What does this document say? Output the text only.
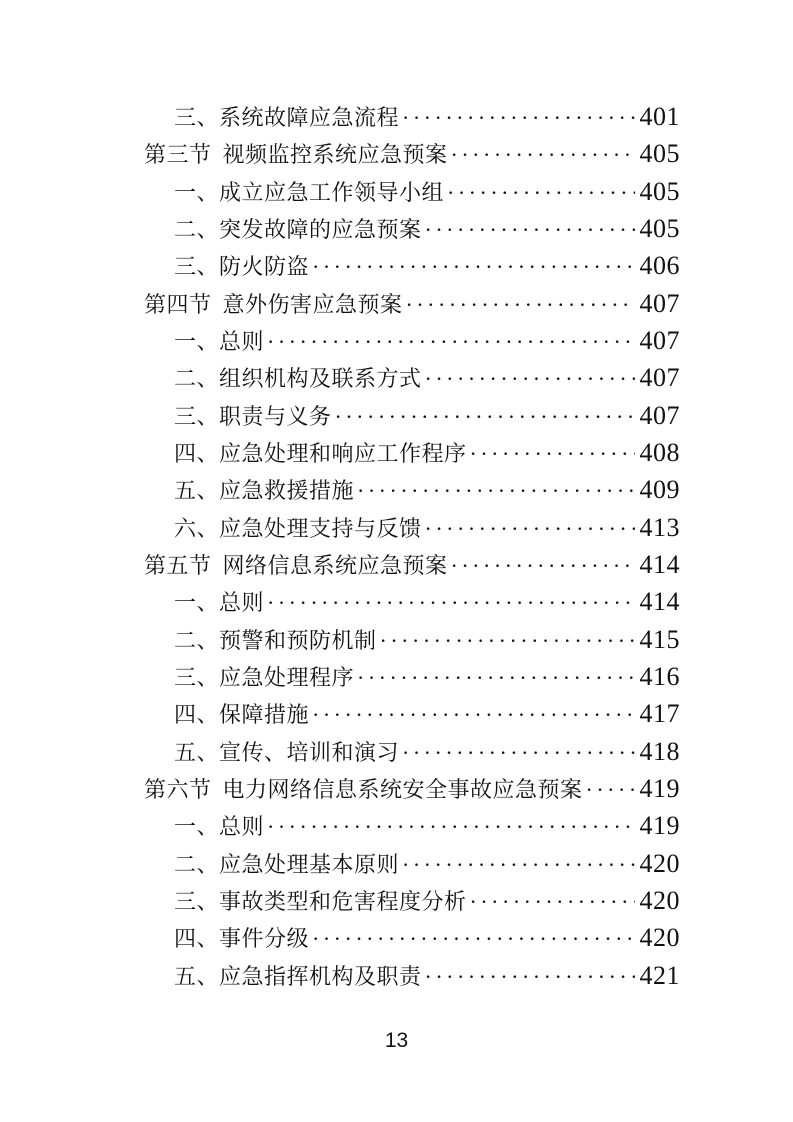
三、 系统故障应急流程 ·····	401
第三节 视频监控系统应急预案 ·····	405
一、 成立应急工作领导小组 ·····	405
二、 突发故障的应急预案 ·····	405
三、 防火防盗 ·····	406
第四节 意外伤害应急预案 ·····	407
一、 总则 ·····	407
二、 组织机构及联系方式 ·····	407
三、 职责与义务 ·····	407
四、 应急处理和响应工作程序 ·····	408
五、 应急救援措施 ·····	409
六、 应急处理支持与反馈 ·····	413
第五节 网络信息系统应急预案 ·····	414
一、 总则 ·····	414
二、 预警和预防机制 ·····	415
三、 应急处理程序 ·····	416
四、 保障措施 ·····	417
五、 宣传、培训和演习 ·····	418
第六节 电力网络信息系统安全事故应急预案 ····· 419
一、 总则 ·····	419
二、 应急处理基本原则 ·····	420
三、 事故类型和危害程度分析 ·····	420
四、 事件分级 ·····	420
五、 应急指挥机构及职责 ·····	421
13
